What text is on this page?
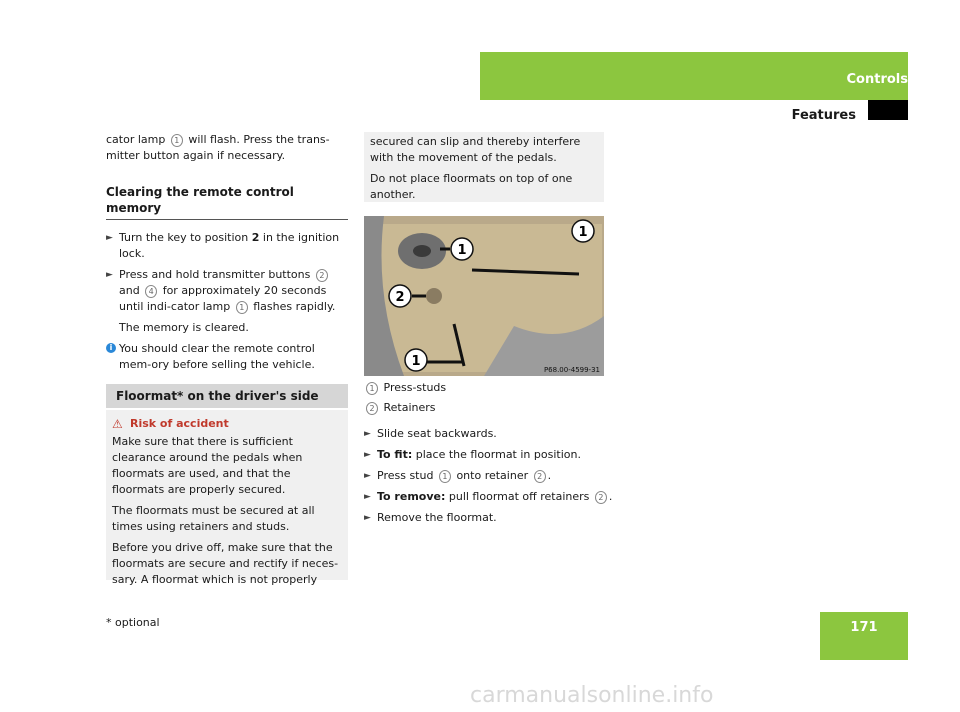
Controls
Features

cator lamp 1 will flash. Press the trans- mitter button again if necessary.

Clearing the remote control memory
► Turn the key to position 2 in the ignition lock.
► Press and hold transmitter buttons 2 and 4 for approximately 20 seconds until indi-cator lamp 1 flashes rapidly.

The memory is cleared.

i You should clear the remote control mem-ory before selling the vehicle.
Floormat* on the driver's side
⚠ Risk of accident

Make sure that there is sufficient clearance around the pedals when floormats are used, and that the floormats are properly secured.

The floormats must be secured at all times using retainers and studs.

Before you drive off, make sure that the floormats are secure and rectify if neces-sary. A floormat which is not properly

secured can slip and thereby interfere with the movement of the pedals.

Do not place floormats on top of one another.

1
2
1
1
P68.00-4599-31
1 Press-studs
2 Retainers
► Slide seat backwards.
► To fit: place the floormat in position.
► Press stud 1 onto retainer 2 .
► To remove: pull floormat off retainers 2 .
► Remove the floormat.
* optional	171
carmanualsonline.info
